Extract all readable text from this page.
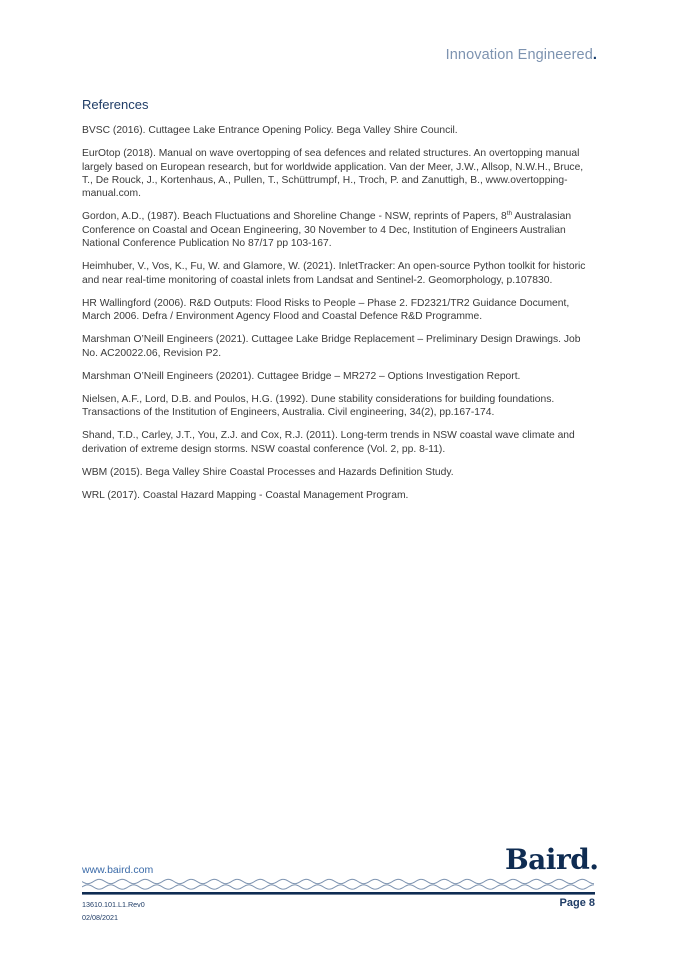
Innovation Engineered.
References

BVSC (2016). Cuttagee Lake Entrance Opening Policy. Bega Valley Shire Council.

EurOtop (2018). Manual on wave overtopping of sea defences and related structures. An overtopping manual largely based on European research, but for worldwide application. Van der Meer, J.W., Allsop, N.W.H., Bruce, T., De Rouck, J., Kortenhaus, A., Pullen, T., Schüttrumpf, H., Troch, P. and Zanuttigh, B., www.overtopping-manual.com.

Gordon, A.D., (1987). Beach Fluctuations and Shoreline Change - NSW, reprints of Papers, 8th Australasian Conference on Coastal and Ocean Engineering, 30 November to 4 Dec, Institution of Engineers Australian National Conference Publication No 87/17 pp 103-167.

Heimhuber, V., Vos, K., Fu, W. and Glamore, W. (2021). InletTracker: An open-source Python toolkit for historic and near real-time monitoring of coastal inlets from Landsat and Sentinel-2. Geomorphology, p.107830.

HR Wallingford (2006). R&D Outputs: Flood Risks to People – Phase 2. FD2321/TR2 Guidance Document, March 2006. Defra / Environment Agency Flood and Coastal Defence R&D Programme.

Marshman O’Neill Engineers (2021). Cuttagee Lake Bridge Replacement – Preliminary Design Drawings. Job No. AC20022.06, Revision P2.

Marshman O’Neill Engineers (20201). Cuttagee Bridge – MR272 – Options Investigation Report.

Nielsen, A.F., Lord, D.B. and Poulos, H.G. (1992). Dune stability considerations for building foundations. Transactions of the Institution of Engineers, Australia. Civil engineering, 34(2), pp.167-174.

Shand, T.D., Carley, J.T., You, Z.J. and Cox, R.J. (2011). Long-term trends in NSW coastal wave climate and derivation of extreme design storms. NSW coastal conference (Vol. 2, pp. 8-11).

WBM (2015). Bega Valley Shire Coastal Processes and Hazards Definition Study.

WRL (2017). Coastal Hazard Mapping - Coastal Management Program.

www.baird.com	Baird.
13610.101.L1.Rev0
02/08/2021
Page 8
